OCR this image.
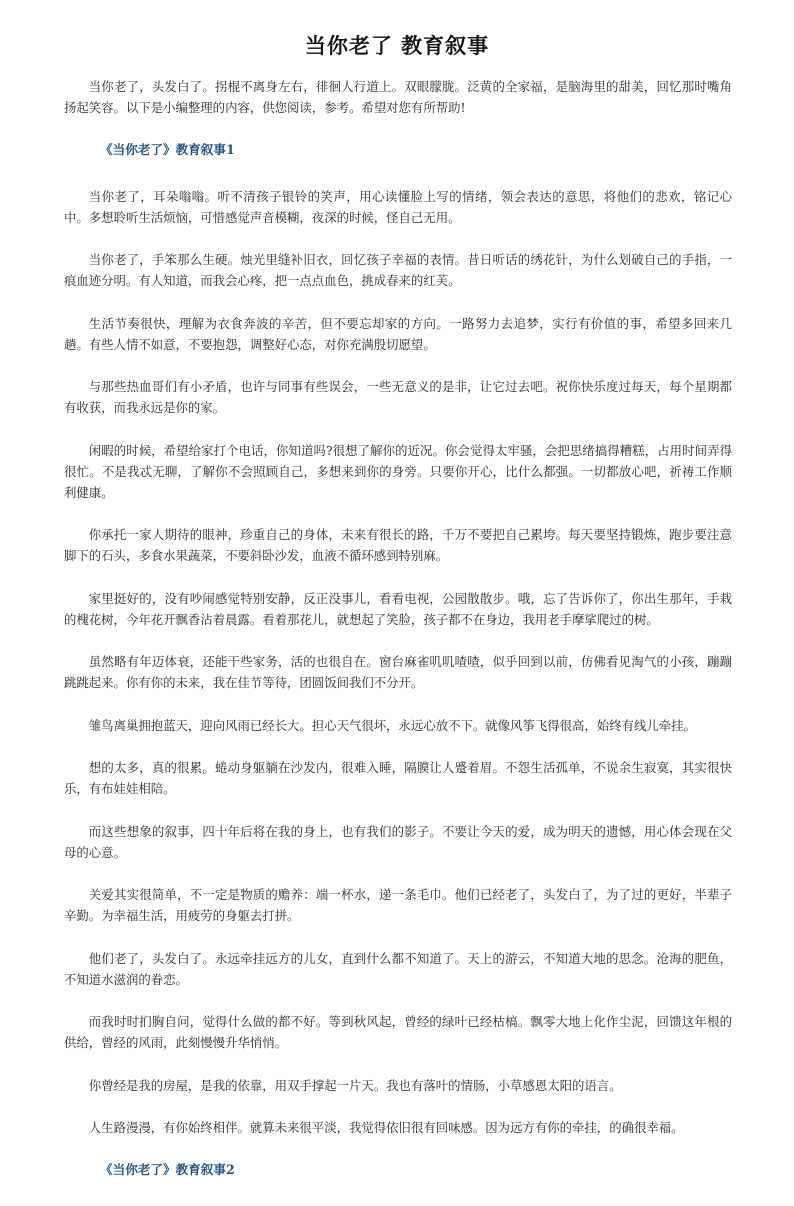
当你老了 教育叙事

当你老了，头发白了。拐棍不离身左右，徘徊人行道上。双眼朦胧。泛黄的全家福，是脑海里的甜美，回忆那时嘴角扬起笑容。以下是小编整理的内容，供您阅读，参考。希望对您有所帮助!

《当你老了》教育叙事1

当你老了，耳朵嗡嗡。听不清孩子银铃的笑声，用心读懂脸上写的情绪，领会表达的意思，将他们的悲欢，铭记心中。多想聆听生活烦恼，可惜感觉声音模糊，夜深的时候，怪自己无用。

当你老了，手笨那么生硬。烛光里缝补旧衣，回忆孩子幸福的表情。昔日听话的绣花针，为什么划破自己的手指，一痕血迹分明。有人知道，而我会心疼，把一点点血色，挑成春来的红芙。

生活节奏很快，理解为衣食奔波的辛苦，但不要忘却家的方向。一路努力去追梦，实行有价值的事，希望多回来几趟。有些人情不如意，不要抱怨，调整好心态，对你充满殷切愿望。

与那些热血哥们有小矛盾，也许与同事有些误会，一些无意义的是非，让它过去吧。祝你快乐度过每天，每个星期都有收获，而我永远是你的家。

闲暇的时候，希望给家打个电话，你知道吗?很想了解你的近况。你会觉得太牢骚，会把思绪搞得糟糕，占用时间弄得很忙。不是我忒无聊，了解你不会照顾自己，多想来到你的身旁。只要你开心，比什么都强。一切都放心吧，祈祷工作顺利健康。

你承托一家人期待的眼神，珍重自己的身体，未来有很长的路，千万不要把自己累垮。每天要坚持锻炼，跑步要注意脚下的石头，多食水果蔬菜，不要斜卧沙发，血液不循环感到特别麻。

家里挺好的，没有吵闹感觉特别安静，反正没事儿，看看电视，公园散散步。哦，忘了告诉你了，你出生那年，手栽的槐花树，今年花开飘香沾着晨露。看着那花儿，就想起了笑脸，孩子都不在身边，我用老手摩挲爬过的树。

虽然略有年迈体衰，还能干些家务，活的也很自在。窗台麻雀叽叽喳喳，似乎回到以前，仿佛看见淘气的小孩，蹦蹦跳跳起来。你有你的未来，我在佳节等待，团圆饭间我们不分开。

雏鸟离巢拥抱蓝天，迎向风雨已经长大。担心天气很坏，永远心放不下。就像风筝飞得很高，始终有线儿牵挂。

想的太多，真的很累。蜷动身躯躺在沙发内，很难入睡，隔膜让人蹙着眉。不怨生活孤单，不说余生寂寞，其实很快乐，有布娃娃相陪。

而这些想象的叙事，四十年后将在我的身上，也有我们的影子。不要让今天的爱，成为明天的遗憾，用心体会现在父母的心意。

关爱其实很简单，不一定是物质的赡养：端一杯水，递一条毛巾。他们已经老了，头发白了，为了过的更好，半辈子辛勤。为幸福生活，用疲劳的身躯去打拼。

他们老了，头发白了。永远牵挂远方的儿女，直到什么都不知道了。天上的游云，不知道大地的思念。沧海的肥鱼，不知道水滋润的眷恋。

而我时时扪胸自问，觉得什么做的都不好。等到秋风起，曾经的绿叶已经枯槁。飘零大地上化作尘泥，回馈这年根的供给，曾经的风雨，此刻慢慢升华悄悄。

你曾经是我的房屋，是我的依靠，用双手撑起一片天。我也有落叶的情肠，小草感恩太阳的语言。

人生路漫漫，有你始终相伴。就算未来很平淡，我觉得依旧很有回味感。因为远方有你的牵挂，的确很幸福。

《当你老了》教育叙事2
